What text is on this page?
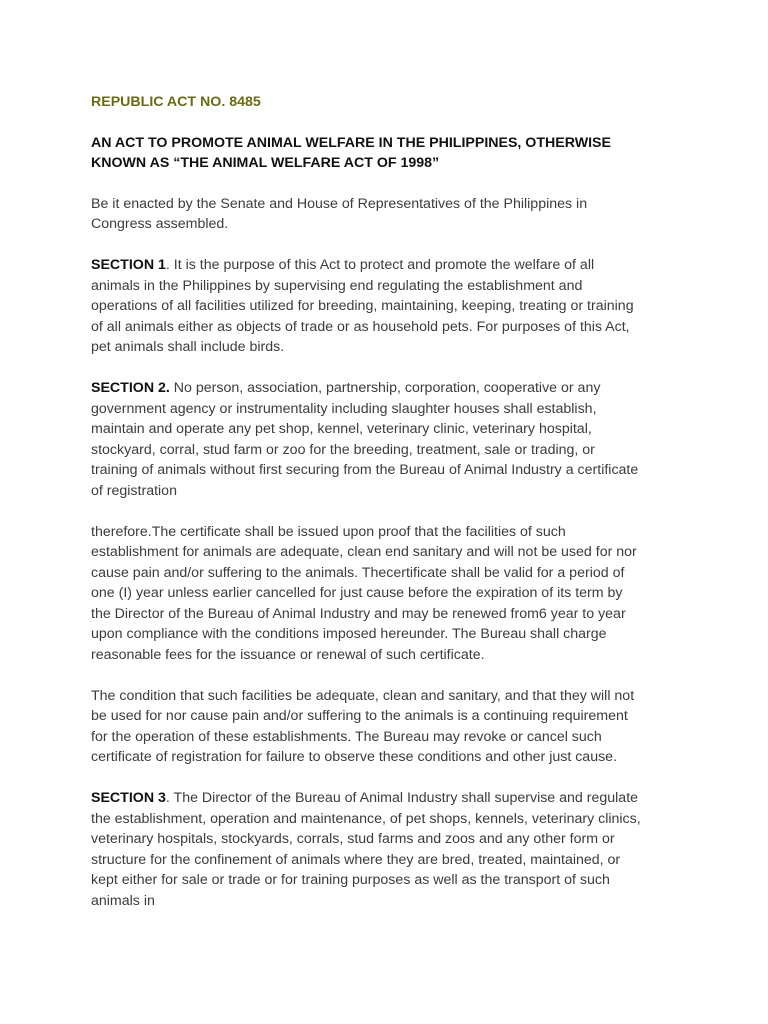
REPUBLIC ACT NO. 8485
AN ACT TO PROMOTE ANIMAL WELFARE IN THE PHILIPPINES, OTHERWISE
KNOWN AS “THE ANIMAL WELFARE ACT OF 1998”
Be it enacted by the Senate and House of Representatives of the Philippines in
Congress assembled.
SECTION 1. It is the purpose of this Act to protect and promote the welfare of all
animals in the Philippines by supervising end regulating the establishment and
operations of all facilities utilized for breeding, maintaining, keeping, treating or training
of all animals either as objects of trade or as household pets. For purposes of this Act,
pet animals shall include birds.
SECTION 2. No person, association, partnership, corporation, cooperative or any
government agency or instrumentality including slaughter houses shall establish,
maintain and operate any pet shop, kennel, veterinary clinic, veterinary hospital,
stockyard, corral, stud farm or zoo for the breeding, treatment, sale or trading, or
training of animals without first securing from the Bureau of Animal Industry a certificate
of registration
therefore.The certificate shall be issued upon proof that the facilities of such
establishment for animals are adequate, clean end sanitary and will not be used for nor
cause pain and/or suffering to the animals. Thecertificate shall be valid for a period of
one (I) year unless earlier cancelled for just cause before the expiration of its term by
the Director of the Bureau of Animal Industry and may be renewed from6 year to year
upon compliance with the conditions imposed hereunder. The Bureau shall charge
reasonable fees for the issuance or renewal of such certificate.
The condition that such facilities be adequate, clean and sanitary, and that they will not
be used for nor cause pain and/or suffering to the animals is a continuing requirement
for the operation of these establishments. The Bureau may revoke or cancel such
certificate of registration for failure to observe these conditions and other just cause.
SECTION 3. The Director of the Bureau of Animal Industry shall supervise and regulate
the establishment, operation and maintenance, of pet shops, kennels, veterinary clinics,
veterinary hospitals, stockyards, corrals, stud farms and zoos and any other form or
structure for the confinement of animals where they are bred, treated, maintained, or
kept either for sale or trade or for training purposes as well as the transport of such
animals in
